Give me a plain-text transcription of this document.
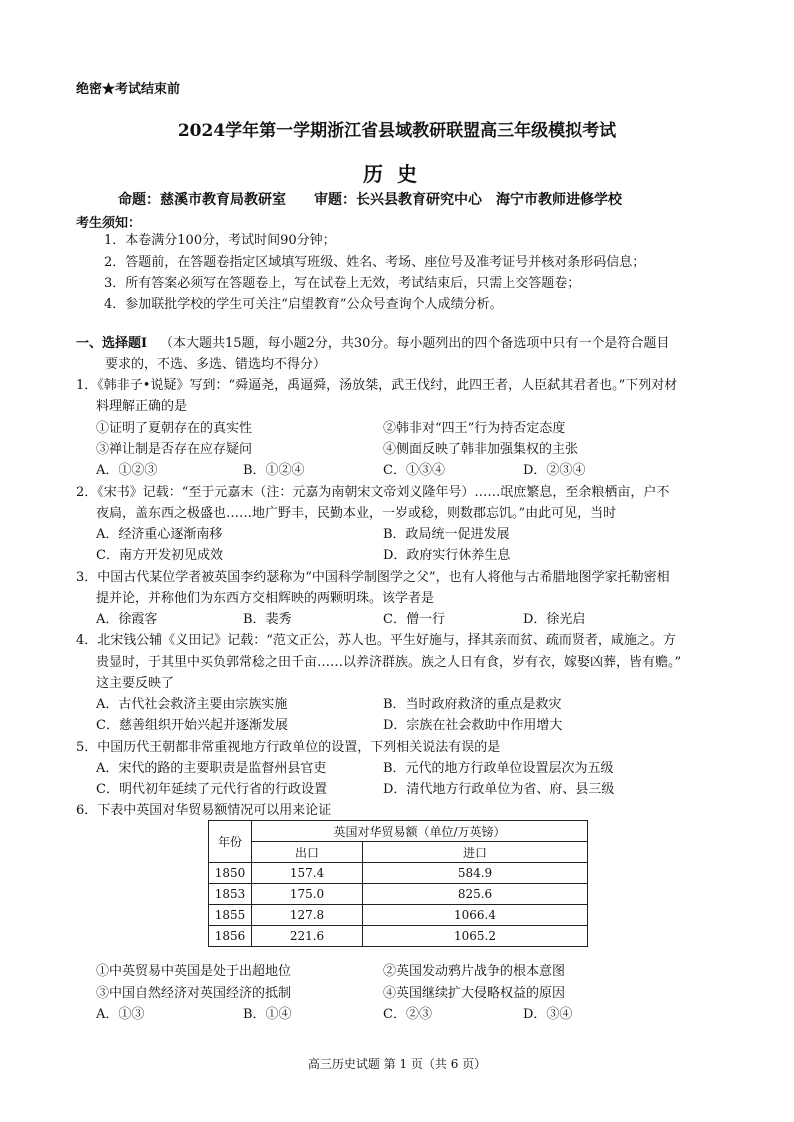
绝密★考试结束前
2024学年第一学期浙江省县域教研联盟高三年级模拟考试
历史
命题：慈溪市教育局教研室　　审题：长兴县教育研究中心　海宁市教师进修学校
考生须知：
1．本卷满分100分，考试时间90分钟；
2．答题前，在答题卷指定区域填写班级、姓名、考场、座位号及准考证号并核对条形码信息；
3．所有答案必须写在答题卷上，写在试卷上无效，考试结束后，只需上交答题卷；
4．参加联批学校的学生可关注“启望教育”公众号查询个人成绩分析。
一、选择题Ⅰ （本大题共15题，每小题2分，共30分。每小题列出的四个备选项中只有一个是符合题目
要求的，不选、多选、错选均不得分）
1．《韩非子•说疑》写到：“舜逼尧，禹逼舜，汤放桀，武王伐纣，此四王者，人臣弑其君者也。”下列对材
料理解正确的是
①证明了夏朝存在的真实性	②韩非对“四王”行为持否定态度
③禅让制是否存在应存疑问	④侧面反映了韩非加强集权的主张
A．①②③	B．①②④	C．①③④	D．②③④
2．《宋书》记载：“至于元嘉末（注：元嘉为南朝宋文帝刘义隆年号）……氓庶繁息，至余粮栖亩，户不
夜扃，盖东西之极盛也……地广野丰，民勤本业，一岁或稔，则数郡忘饥。”由此可见，当时
A．经济重心逐渐南移	B．政局统一促进发展
C．南方开发初见成效	D．政府实行休养生息
3．中国古代某位学者被英国李约瑟称为“中国科学制图学之父”，也有人将他与古希腊地图学家托勒密相
提并论，并称他们为东西方交相辉映的两颗明珠。该学者是
A．徐霞客	B．裴秀	C．僧一行	D．徐光启
4．北宋钱公辅《义田记》记载：“范文正公，苏人也。平生好施与，择其亲而贫、疏而贤者，咸施之。方
贵显时，于其里中买负郭常稔之田千亩……以养济群族。族之人日有食，岁有衣，嫁娶凶葬，皆有赡。”
这主要反映了
A．古代社会救济主要由宗族实施	B．当时政府救济的重点是救灾
C．慈善组织开始兴起并逐渐发展	D．宗族在社会救助中作用增大
5．中国历代王朝都非常重视地方行政单位的设置，下列相关说法有误的是
A．宋代的路的主要职责是监督州县官吏	B．元代的地方行政单位设置层次为五级
C．明代初年延续了元代行省的行政设置	D．清代地方行政单位为省、府、县三级
6．下表中英国对华贸易额情况可以用来论证
年份	英国对华贸易额（单位/万英镑）	
	出口	进口
1850	157.4	584.9
1853	175.0	825.6
1855	127.8	1066.4
1856	221.6	1065.2
①中英贸易中英国是处于出超地位	②英国发动鸦片战争的根本意图
③中国自然经济对英国经济的抵制	④英国继续扩大侵略权益的原因
A．①③	B．①④	C．②③	D．③④
高三历史试题 第 1 页（共 6 页）
